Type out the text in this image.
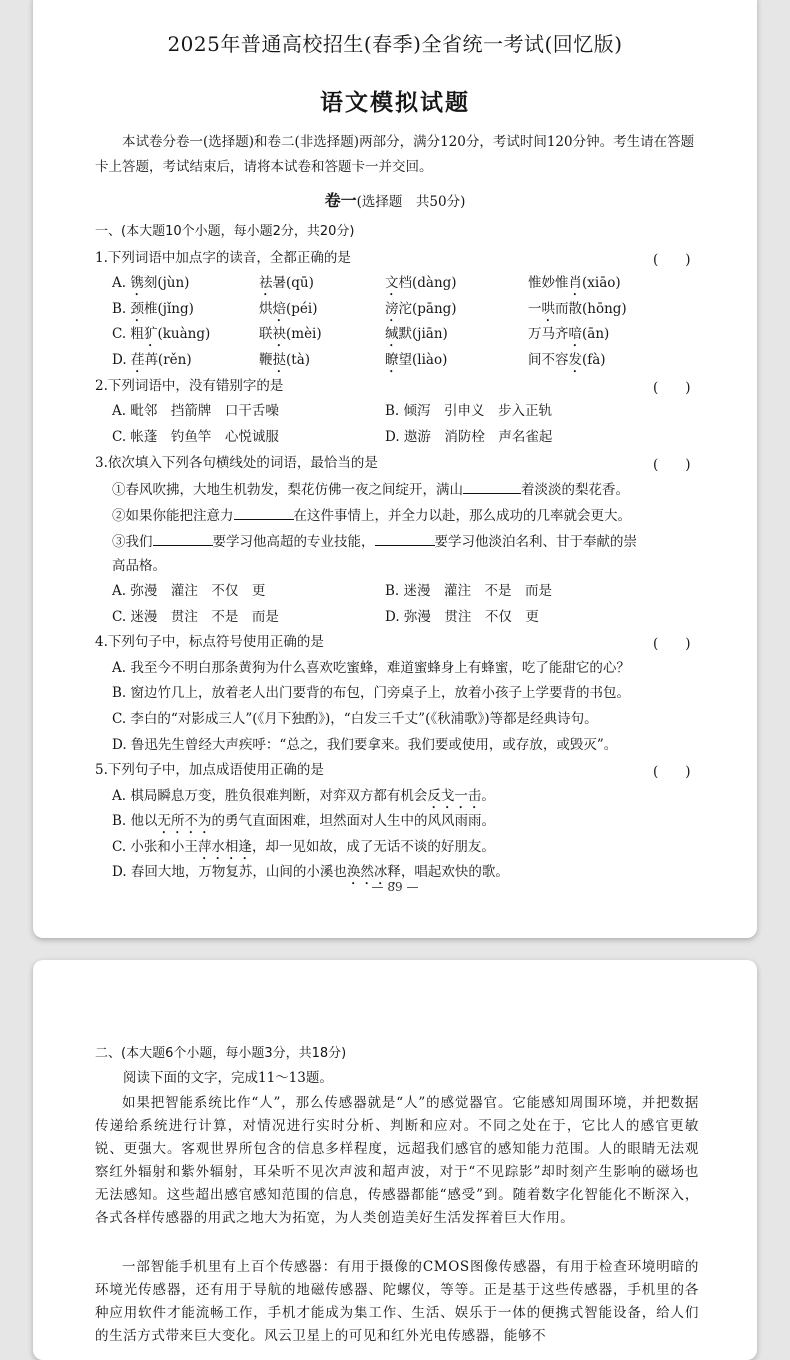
2025年普通高校招生(春季)全省统一考试(回忆版)
语文模拟试题

本试卷分卷一(选择题)和卷二(非选择题)两部分，满分120分，考试时间120分钟。考生请在答题卡上答题，考试结束后，请将本试卷和答题卡一并交回。

卷一(选择题　共50分)
一、(本大题10个小题，每小题2分，共20分)
1.下列词语中加点字的读音，全都正确的是	(　　)
A. 镌刻(jùn)	祛暑(qū)	文档(dàng)	惟妙惟肖(xiāo)
B. 颈椎(jǐng)	烘焙(péi)	滂沱(pāng)	一哄而散(hōng)
C. 粗犷(kuàng)	联袂(mèi)	缄默(jiān)	万马齐喑(ān)
D. 荏苒(rěn)	鞭挞(tà)	瞭望(liào)	间不容发(fà)
2.下列词语中，没有错别字的是	(　　)
A. 毗邻　挡箭牌　口干舌噪	B. 倾泻　引申义　步入正轨
C. 帐蓬　钓鱼竿　心悦诚服	D. 遨游　消防栓　声名雀起
3.依次填入下列各句横线处的词语，最恰当的是	(　　)
①春风吹拂，大地生机勃发，梨花仿佛一夜之间绽开，满山	着淡淡的梨花香。
②如果你能把注意力	在这件事情上，并全力以赴，那么成功的几率就会更大。
③我们	要学习他高超的专业技能，	要学习他淡泊名利、甘于奉献的崇
高品格。
A. 弥漫　灌注　不仅　更	B. 迷漫　灌注　不是　而是
C. 迷漫　贯注　不是　而是	D. 弥漫　贯注　不仅　更
4.下列句子中，标点符号使用正确的是	(　　)
A. 我至今不明白那条黄狗为什么喜欢吃蜜蜂，难道蜜蜂身上有蜂蜜，吃了能甜它的心？
B. 窗边竹几上，放着老人出门要背的布包，门旁桌子上，放着小孩子上学要背的书包。
C. 李白的“对影成三人”(《月下独酌》)，“白发三千丈”(《秋浦歌》)等都是经典诗句。
D. 鲁迅先生曾经大声疾呼：“总之，我们要拿来。我们要或使用，或存放，或毁灭”。
5.下列句子中，加点成语使用正确的是	(　　)
A. 棋局瞬息万变，胜负很难判断，对弈双方都有机会反戈一击。
B. 他以无所不为的勇气直面困难，坦然面对人生中的风风雨雨。
C. 小张和小王萍水相逢，却一见如故，成了无话不谈的好朋友。
D. 春回大地，万物复苏，山间的小溪也涣然冰释，唱起欢快的歌。
— 89 —
二、(本大题6个小题，每小题3分，共18分)
阅读下面的文字，完成11～13题。

如果把智能系统比作“人”，那么传感器就是“人”的感觉器官。它能感知周围环境，并把数据传递给系统进行计算，对情况进行实时分析、判断和应对。不同之处在于，它比人的感官更敏锐、更强大。客观世界所包含的信息多样程度，远超我们感官的感知能力范围。人的眼睛无法观察红外辐射和紫外辐射，耳朵听不见次声波和超声波，对于“不见踪影”却时刻产生影响的磁场也无法感知。这些超出感官感知范围的信息，传感器都能“感受”到。随着数字化智能化不断深入，各式各样传感器的用武之地大为拓宽，为人类创造美好生活发挥着巨大作用。

一部智能手机里有上百个传感器：有用于摄像的CMOS图像传感器，有用于检查环境明暗的环境光传感器，还有用于导航的地磁传感器、陀螺仪，等等。正是基于这些传感器，手机里的各种应用软件才能流畅工作，手机才能成为集工作、生活、娱乐于一体的便携式智能设备，给人们的生活方式带来巨大变化。风云卫星上的可见和红外光电传感器，能够不
